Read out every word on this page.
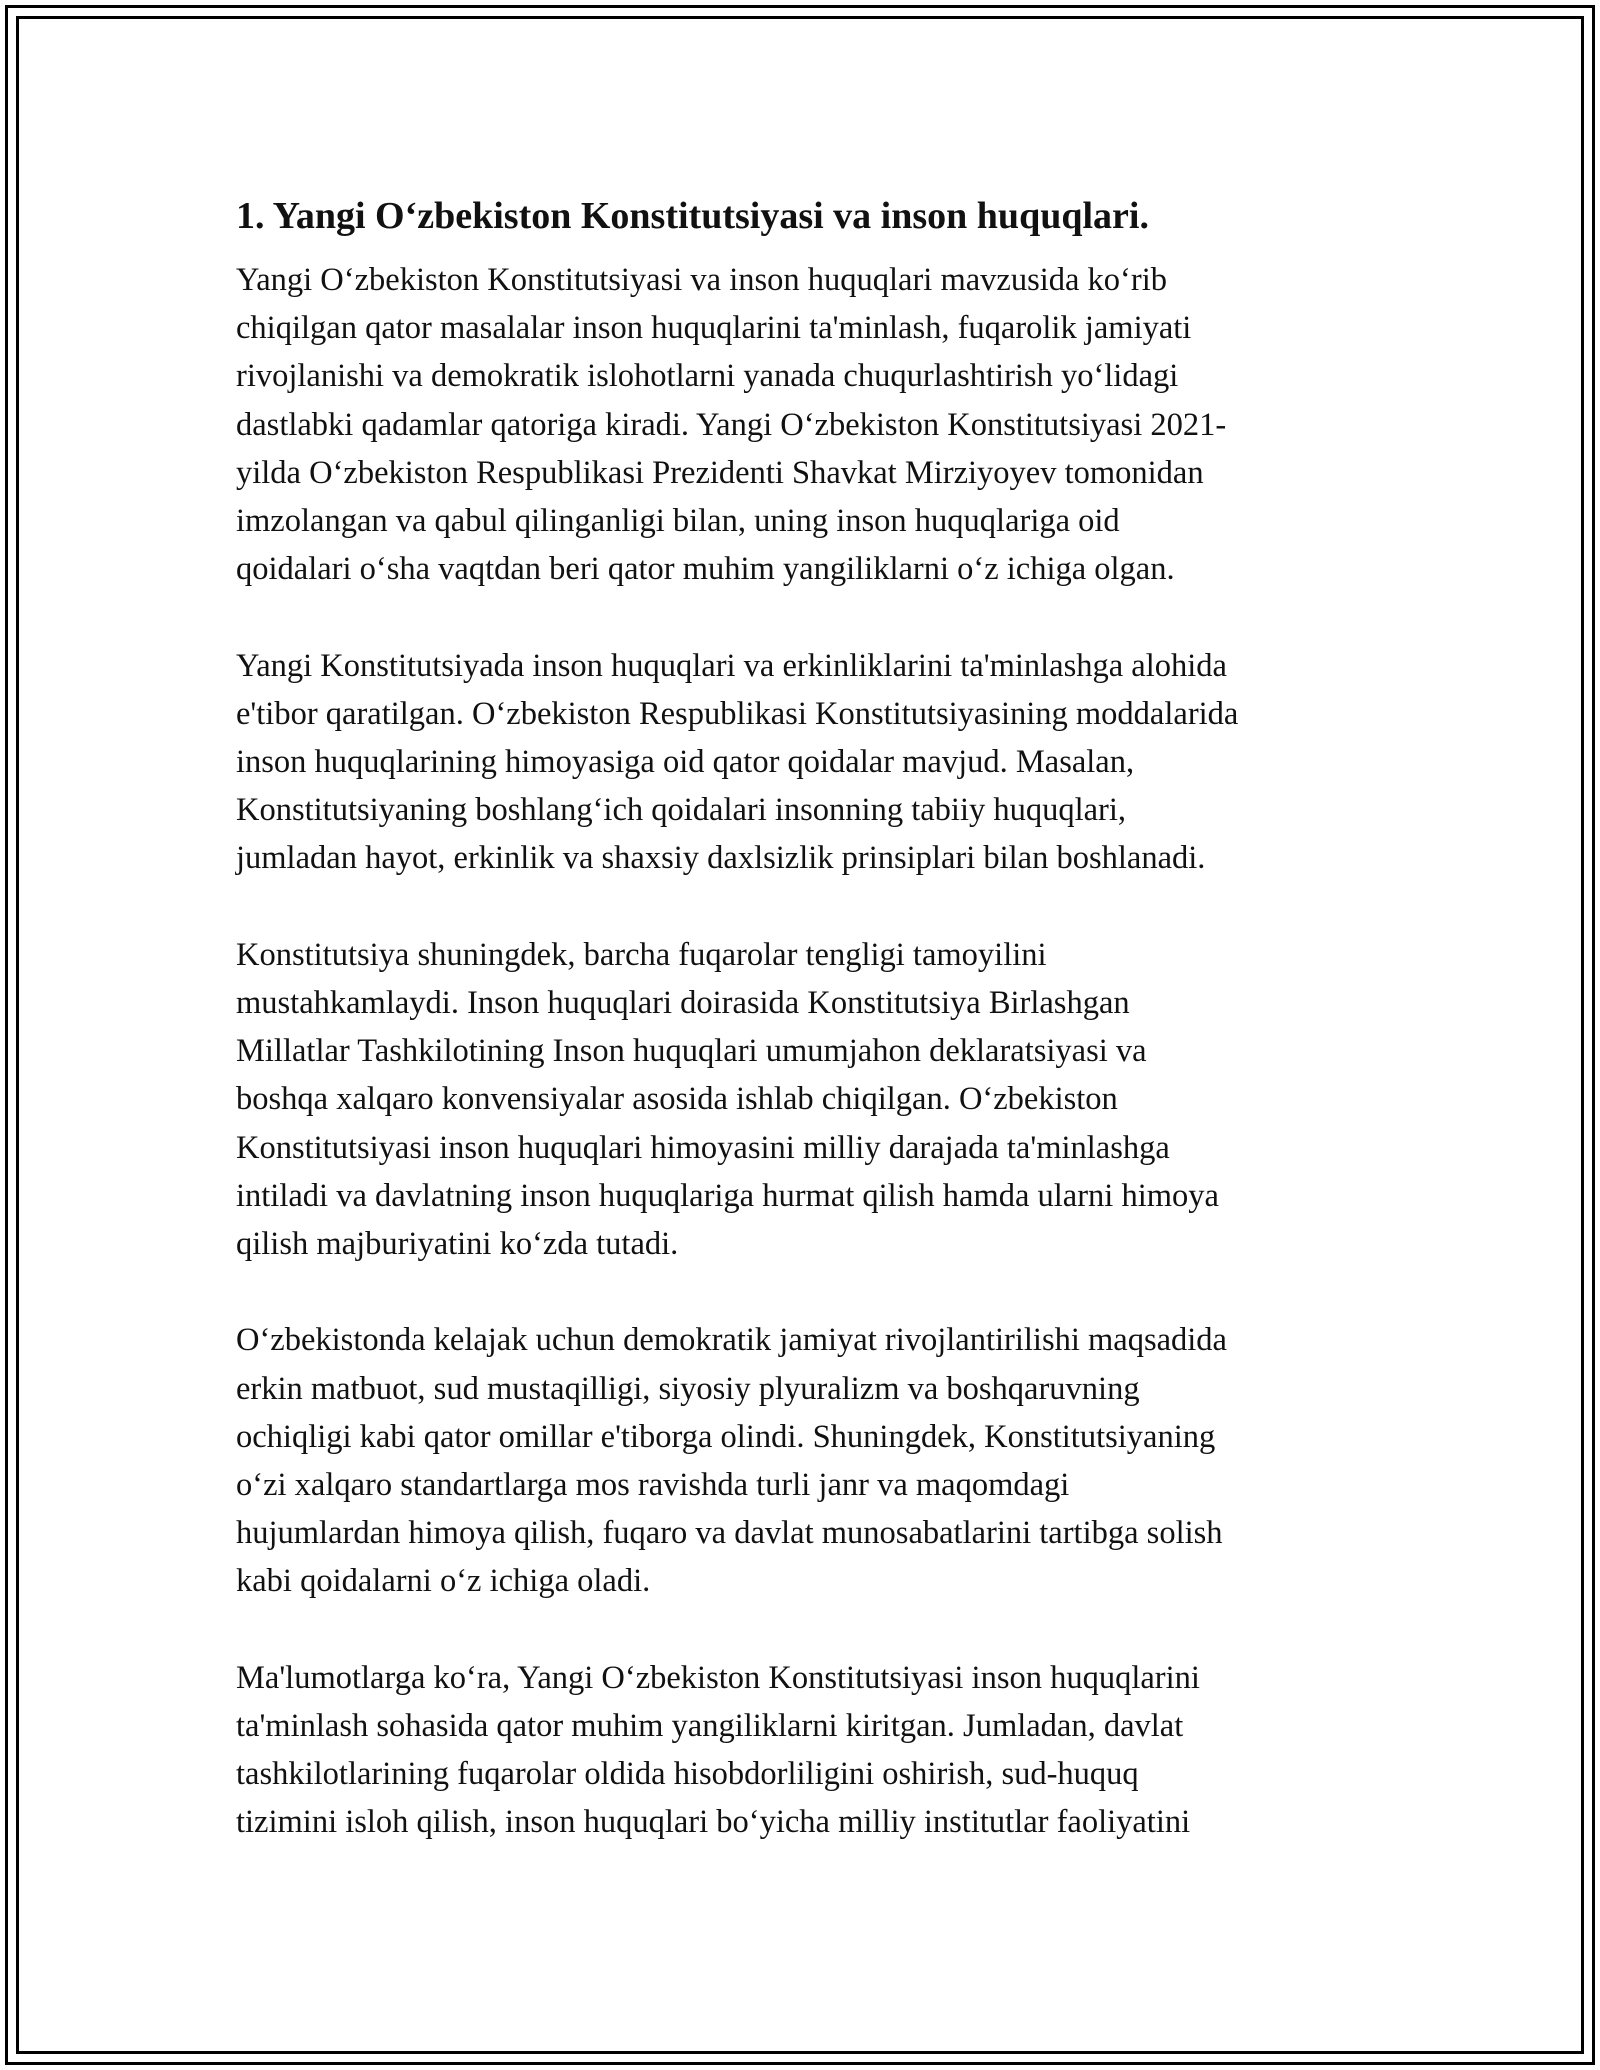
1. Yangi O‘zbekiston Konstitutsiyasi va inson huquqlari.

Yangi O‘zbekiston Konstitutsiyasi va inson huquqlari mavzusida ko‘rib
chiqilgan qator masalalar inson huquqlarini ta'minlash, fuqarolik jamiyati
rivojlanishi va demokratik islohotlarni yanada chuqurlashtirish yo‘lidagi
dastlabki qadamlar qatoriga kiradi. Yangi O‘zbekiston Konstitutsiyasi 2021-
yilda O‘zbekiston Respublikasi Prezidenti Shavkat Mirziyoyev tomonidan
imzolangan va qabul qilinganligi bilan, uning inson huquqlariga oid
qoidalari o‘sha vaqtdan beri qator muhim yangiliklarni o‘z ichiga olgan.

Yangi Konstitutsiyada inson huquqlari va erkinliklarini ta'minlashga alohida
e'tibor qaratilgan. O‘zbekiston Respublikasi Konstitutsiyasining moddalarida
inson huquqlarining himoyasiga oid qator qoidalar mavjud. Masalan,
Konstitutsiyaning boshlang‘ich qoidalari insonning tabiiy huquqlari,
jumladan hayot, erkinlik va shaxsiy daxlsizlik prinsiplari bilan boshlanadi.

Konstitutsiya shuningdek, barcha fuqarolar tengligi tamoyilini
mustahkamlaydi. Inson huquqlari doirasida Konstitutsiya Birlashgan
Millatlar Tashkilotining Inson huquqlari umumjahon deklaratsiyasi va
boshqa xalqaro konvensiyalar asosida ishlab chiqilgan. O‘zbekiston
Konstitutsiyasi inson huquqlari himoyasini milliy darajada ta'minlashga
intiladi va davlatning inson huquqlariga hurmat qilish hamda ularni himoya
qilish majburiyatini ko‘zda tutadi.

O‘zbekistonda kelajak uchun demokratik jamiyat rivojlantirilishi maqsadida
erkin matbuot, sud mustaqilligi, siyosiy plyuralizm va boshqaruvning
ochiqligi kabi qator omillar e'tiborga olindi. Shuningdek, Konstitutsiyaning
o‘zi xalqaro standartlarga mos ravishda turli janr va maqomdagi
hujumlardan himoya qilish, fuqaro va davlat munosabatlarini tartibga solish
kabi qoidalarni o‘z ichiga oladi.

Ma'lumotlarga ko‘ra, Yangi O‘zbekiston Konstitutsiyasi inson huquqlarini
ta'minlash sohasida qator muhim yangiliklarni kiritgan. Jumladan, davlat
tashkilotlarining fuqarolar oldida hisobdorliligini oshirish, sud-huquq
tizimini isloh qilish, inson huquqlari bo‘yicha milliy institutlar faoliyatini
